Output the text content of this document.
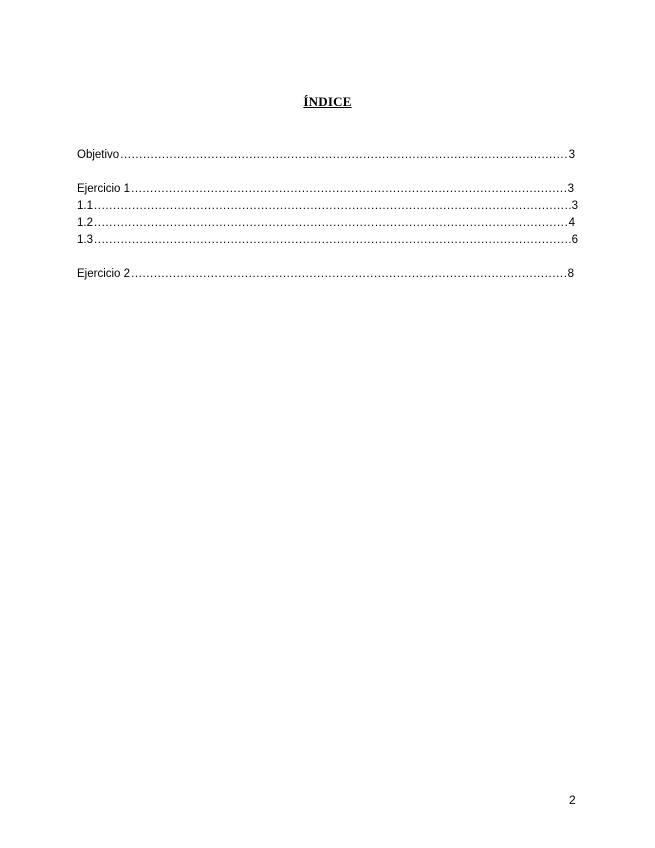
ÍNDICE
Objetivo .....	3
Ejercicio 1 .....	3
1.1 .....	3
1.2 .....	4
1.3 .....	6
Ejercicio 2 .....	8
2
